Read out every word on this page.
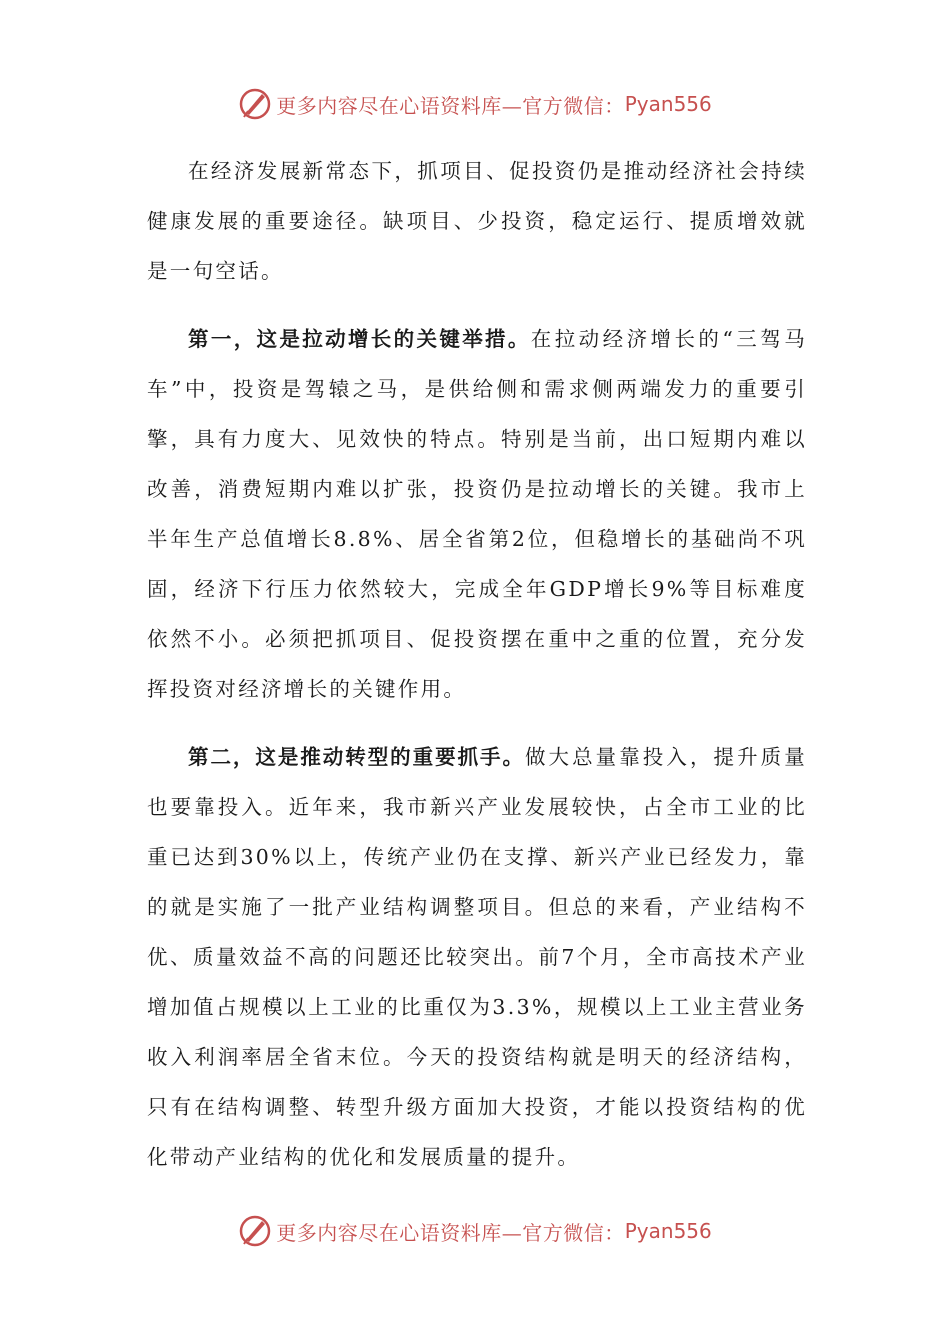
更多内容尽在心语资料库—官方微信： Pyan556

在经济发展新常态下，抓项目、促投资仍是推动经济社会持续健康发展的重要途径。缺项目、少投资，稳定运行、提质增效就是一句空话。

第一，这是拉动增长的关键举措。在拉动经济增长的“三驾马车”中，投资是驾辕之马，是供给侧和需求侧两端发力的重要引擎，具有力度大、见效快的特点。特别是当前，出口短期内难以改善，消费短期内难以扩张，投资仍是拉动增长的关键。我市上半年生产总值增长8.8%、居全省第2位，但稳增长的基础尚不巩固，经济下行压力依然较大，完成全年GDP增长9%等目标难度依然不小。必须把抓项目、促投资摆在重中之重的位置，充分发挥投资对经济增长的关键作用。

第二，这是推动转型的重要抓手。做大总量靠投入，提升质量也要靠投入。近年来，我市新兴产业发展较快，占全市工业的比重已达到30%以上，传统产业仍在支撑、新兴产业已经发力，靠的就是实施了一批产业结构调整项目。但总的来看，产业结构不优、质量效益不高的问题还比较突出。前7个月，全市高技术产业增加值占规模以上工业的比重仅为3.3%，规模以上工业主营业务收入利润率居全省末位。今天的投资结构就是明天的经济结构，只有在结构调整、转型升级方面加大投资，才能以投资结构的优化带动产业结构的优化和发展质量的提升。

更多内容尽在心语资料库—官方微信： Pyan556
